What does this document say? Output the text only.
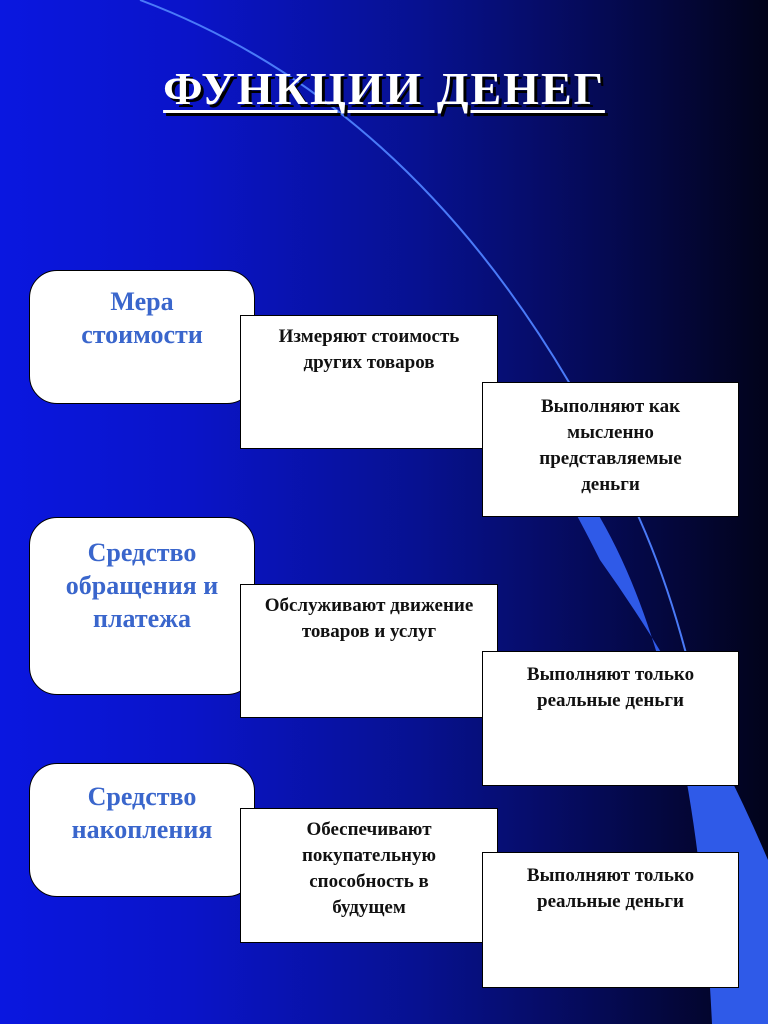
ФУНКЦИИ ДЕНЕГ
Мера стоимости	Измеряют стоимость других товаров
Выполняют как мысленно представляемые деньги
Средство обращения и платежа	Обслуживают движение товаров и услуг
Выполняют только реальные деньги
Средство накопления	Обеспечивают покупательную способность в будущем
Выполняют только реальные деньги
